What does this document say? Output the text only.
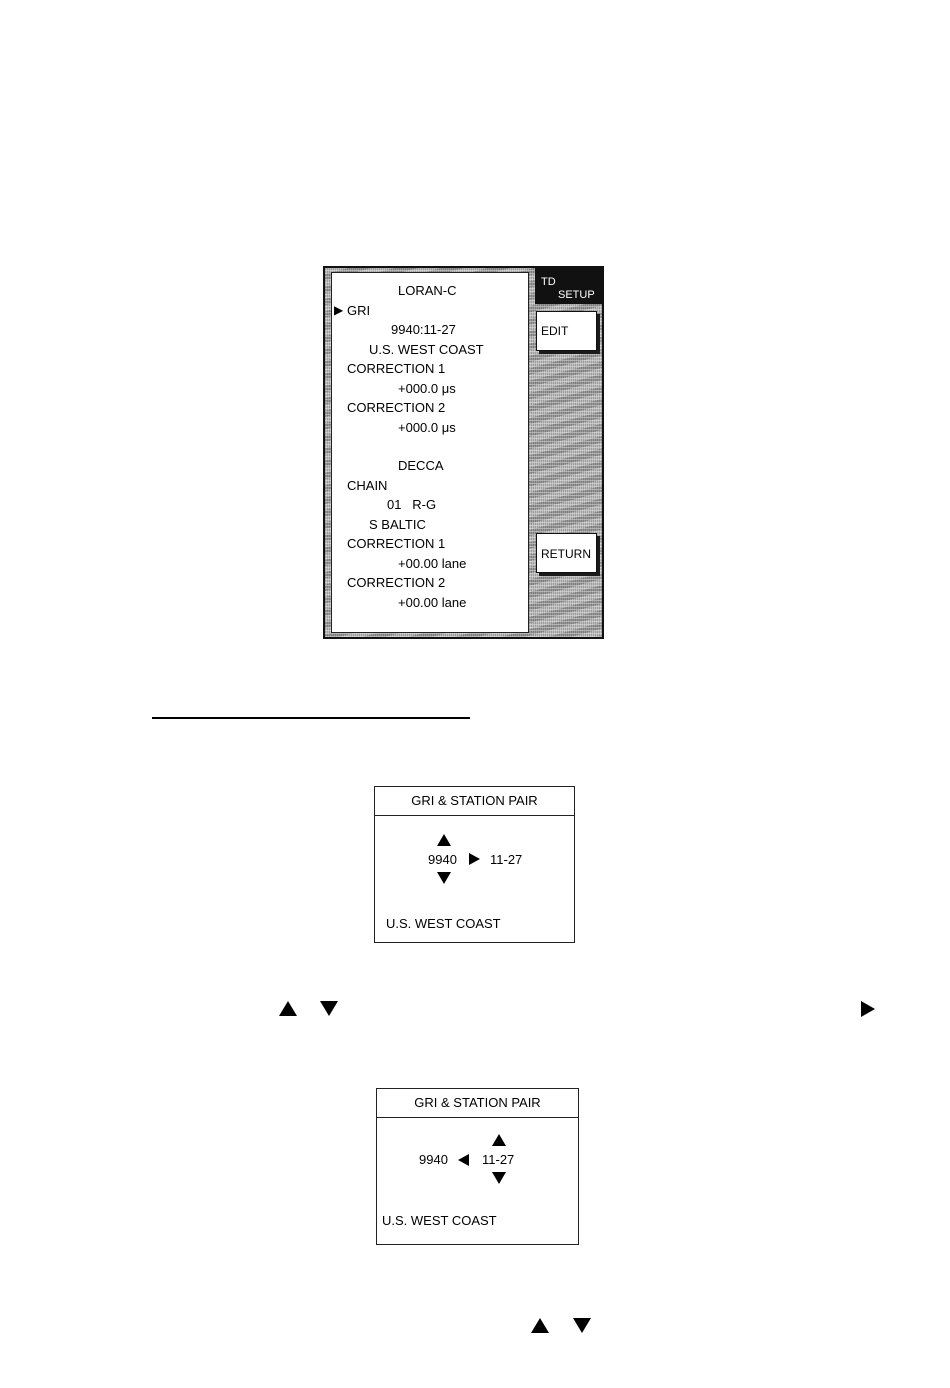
LORAN-C
▶ GRI
9940:11-27
U.S. WEST COAST
CORRECTION 1
+000.0 μs
CORRECTION 2
+000.0 μs
DECCA
CHAIN
01   R-G
S BALTIC
CORRECTION 1
+00.00 lane
CORRECTION 2
+00.00 lane
TD
SETUP
EDIT
RETURN
GRI & STATION PAIR
9940	11-27
U.S. WEST COAST
GRI & STATION PAIR
9940	11-27
U.S. WEST COAST
